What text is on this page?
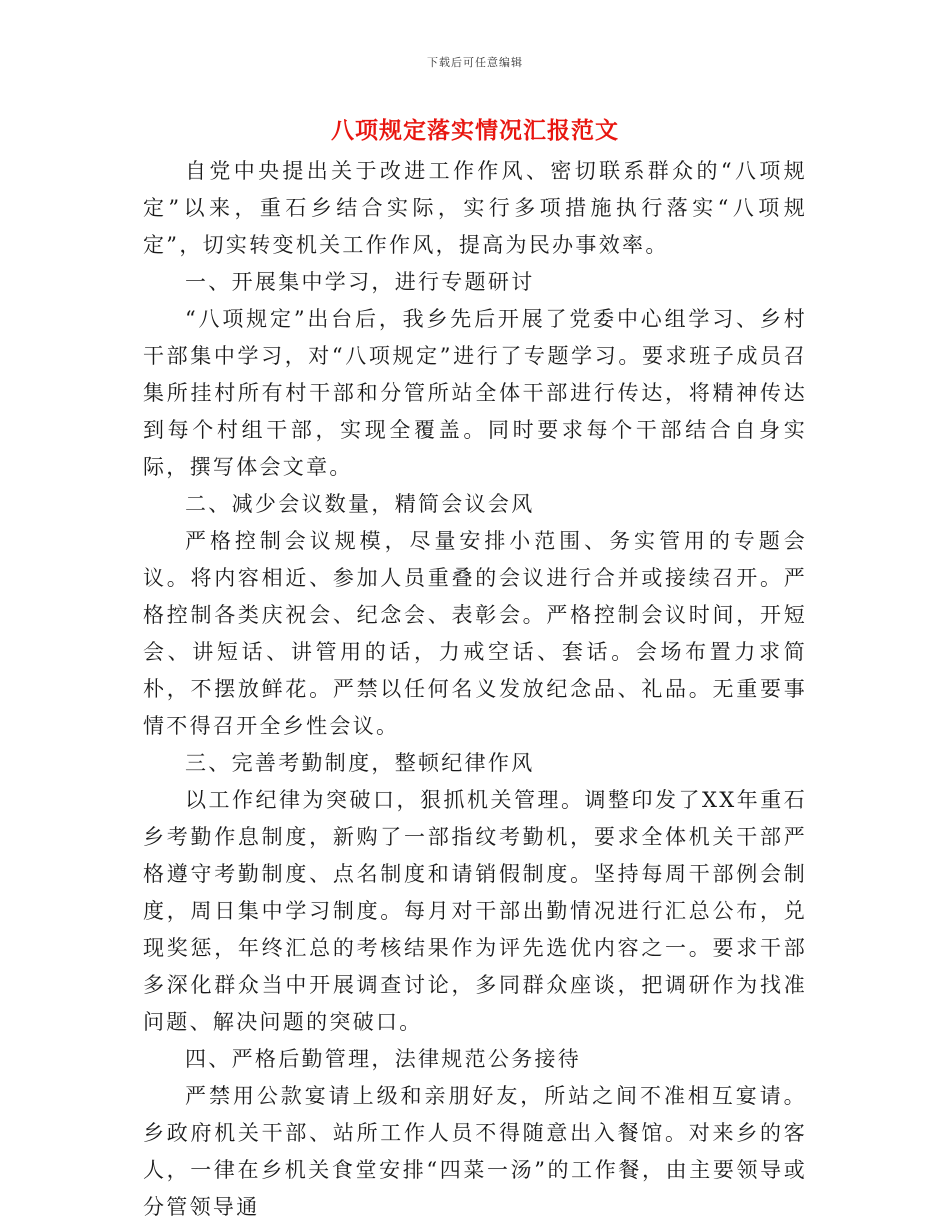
下载后可任意编辑
八项规定落实情况汇报范文

自党中央提出关于改进工作作风、密切联系群众的“八项规定”以来，重石乡结合实际，实行多项措施执行落实“八项规定”，切实转变机关工作作风，提高为民办事效率。

一、开展集中学习，进行专题研讨

“八项规定”出台后，我乡先后开展了党委中心组学习、乡村干部集中学习，对“八项规定”进行了专题学习。要求班子成员召集所挂村所有村干部和分管所站全体干部进行传达，将精神传达到每个村组干部，实现全覆盖。同时要求每个干部结合自身实际，撰写体会文章。

二、减少会议数量，精简会议会风

严格控制会议规模，尽量安排小范围、务实管用的专题会议。将内容相近、参加人员重叠的会议进行合并或接续召开。严格控制各类庆祝会、纪念会、表彰会。严格控制会议时间，开短会、讲短话、讲管用的话，力戒空话、套话。会场布置力求简朴，不摆放鲜花。严禁以任何名义发放纪念品、礼品。无重要事情不得召开全乡性会议。

三、完善考勤制度，整顿纪律作风

以工作纪律为突破口，狠抓机关管理。调整印发了XX年重石乡考勤作息制度，新购了一部指纹考勤机，要求全体机关干部严格遵守考勤制度、点名制度和请销假制度。坚持每周干部例会制度，周日集中学习制度。每月对干部出勤情况进行汇总公布，兑现奖惩，年终汇总的考核结果作为评先选优内容之一。要求干部多深化群众当中开展调查讨论，多同群众座谈，把调研作为找准问题、解决问题的突破口。

四、严格后勤管理，法律规范公务接待

严禁用公款宴请上级和亲朋好友，所站之间不准相互宴请。乡政府机关干部、站所工作人员不得随意出入餐馆。对来乡的客人，一律在乡机关食堂安排“四菜一汤”的工作餐，由主要领导或分管领导通
